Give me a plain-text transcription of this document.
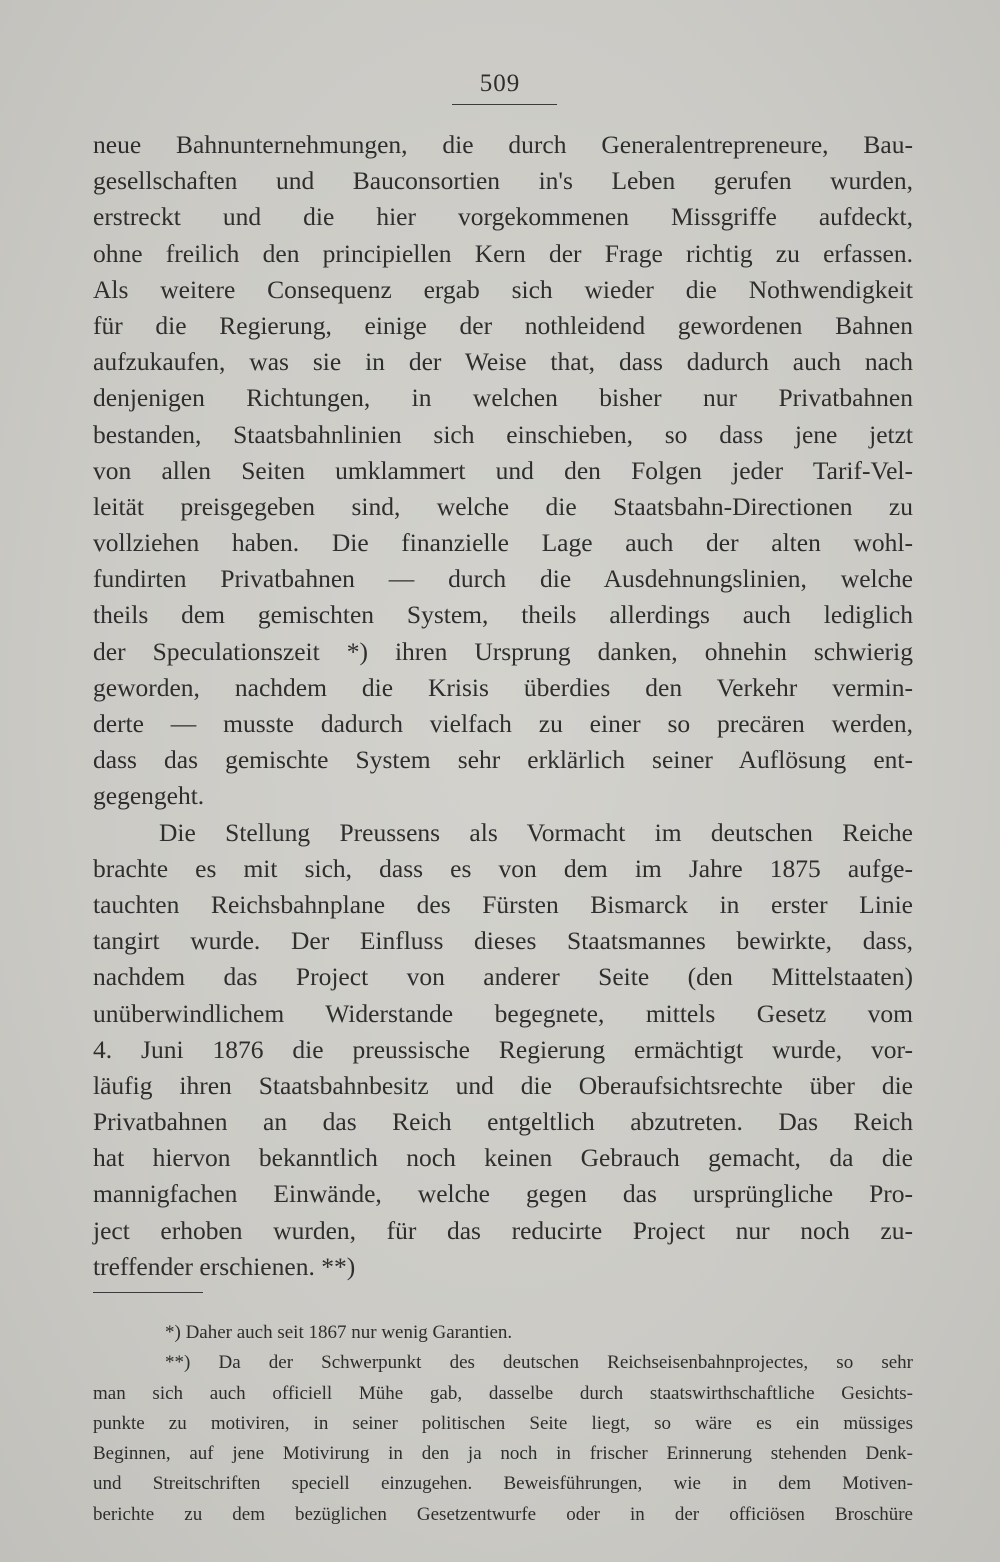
509
neue Bahnunternehmungen, die durch Generalentrepreneure, Bau-
gesellschaften und Bauconsortien in's Leben gerufen wurden,
erstreckt und die hier vorgekommenen Missgriffe aufdeckt,
ohne freilich den principiellen Kern der Frage richtig zu erfassen.
Als weitere Consequenz ergab sich wieder die Nothwendigkeit
für die Regierung, einige der nothleidend gewordenen Bahnen
aufzukaufen, was sie in der Weise that, dass dadurch auch nach
denjenigen Richtungen, in welchen bisher nur Privatbahnen
bestanden, Staatsbahnlinien sich einschieben, so dass jene jetzt
von allen Seiten umklammert und den Folgen jeder Tarif-Vel-
leität preisgegeben sind, welche die Staatsbahn-Directionen zu
vollziehen haben. Die finanzielle Lage auch der alten wohl-
fundirten Privatbahnen — durch die Ausdehnungslinien, welche
theils dem gemischten System, theils allerdings auch lediglich
der Speculationszeit *) ihren Ursprung danken, ohnehin schwierig
geworden, nachdem die Krisis überdies den Verkehr vermin-
derte — musste dadurch vielfach zu einer so precären werden,
dass das gemischte System sehr erklärlich seiner Auflösung ent-
gegengeht.
Die Stellung Preussens als Vormacht im deutschen Reiche
brachte es mit sich, dass es von dem im Jahre 1875 aufge-
tauchten Reichsbahnplane des Fürsten Bismarck in erster Linie
tangirt wurde. Der Einfluss dieses Staatsmannes bewirkte, dass,
nachdem das Project von anderer Seite (den Mittelstaaten)
unüberwindlichem Widerstande begegnete, mittels Gesetz vom
4. Juni 1876 die preussische Regierung ermächtigt wurde, vor-
läufig ihren Staatsbahnbesitz und die Oberaufsichtsrechte über die
Privatbahnen an das Reich entgeltlich abzutreten. Das Reich
hat hiervon bekanntlich noch keinen Gebrauch gemacht, da die
mannigfachen Einwände, welche gegen das ursprüngliche Pro-
ject erhoben wurden, für das reducirte Project nur noch zu-
treffender erschienen. **)
*) Daher auch seit 1867 nur wenig Garantien.
**) Da der Schwerpunkt des deutschen Reichseisenbahnprojectes, so sehr
man sich auch officiell Mühe gab, dasselbe durch staatswirthschaftliche Gesichts-
punkte zu motiviren, in seiner politischen Seite liegt, so wäre es ein müssiges
Beginnen, auf jene Motivirung in den ja noch in frischer Erinnerung stehenden Denk-
und Streitschriften speciell einzugehen. Beweisführungen, wie in dem Motiven-
berichte zu dem bezüglichen Gesetzentwurfe oder in der officiösen Broschüre
